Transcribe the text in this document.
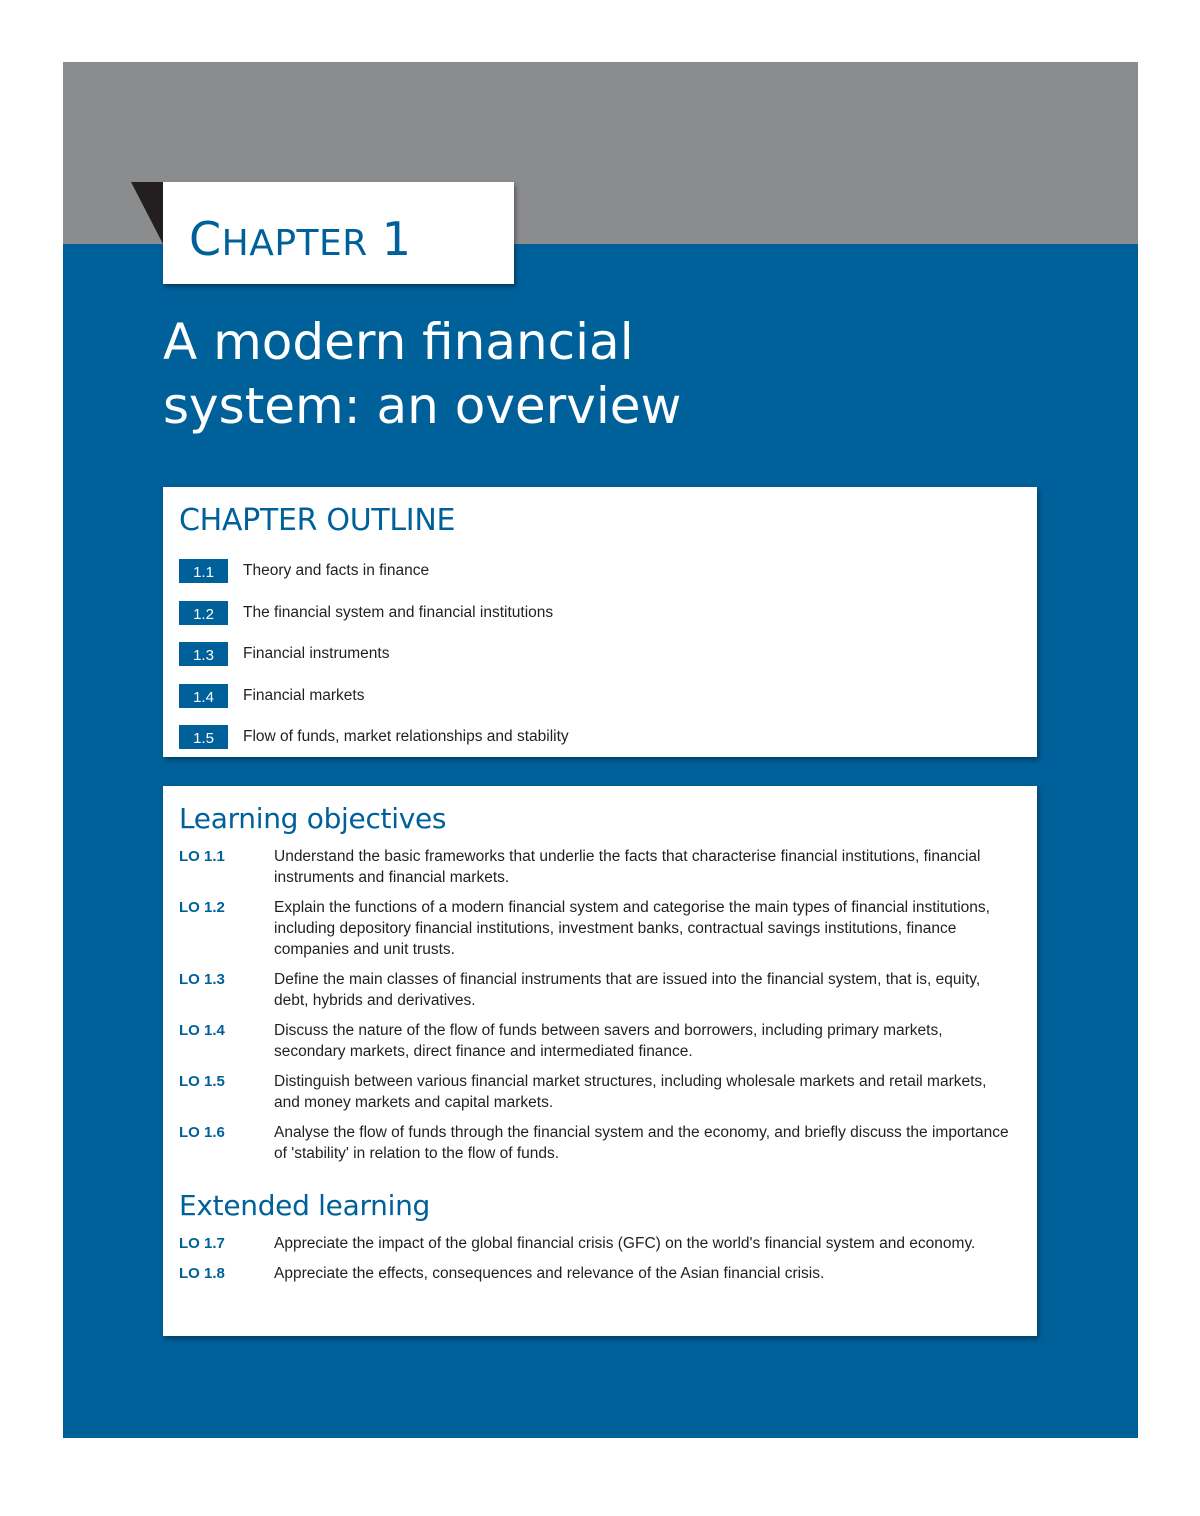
CHAPTER 1
A modern financial
system: an overview
CHAPTER OUTLINE
1.1	Theory and facts in finance
1.2	The financial system and financial institutions
1.3	Financial instruments
1.4	Financial markets
1.5	Flow of funds, market relationships and stability
Learning objectives
LO 1.1	Understand the basic frameworks that underlie the facts that characterise financial institutions, financial instruments and financial markets.
LO 1.2	Explain the functions of a modern financial system and categorise the main types of financial institutions, including depository financial institutions, investment banks, contractual savings institutions, finance companies and unit trusts.
LO 1.3	Define the main classes of financial instruments that are issued into the financial system, that is, equity, debt, hybrids and derivatives.
LO 1.4	Discuss the nature of the flow of funds between savers and borrowers, including primary markets, secondary markets, direct finance and intermediated finance.
LO 1.5	Distinguish between various financial market structures, including wholesale markets and retail markets, and money markets and capital markets.
LO 1.6	Analyse the flow of funds through the financial system and the economy, and briefly discuss the importance of 'stability' in relation to the flow of funds.
Extended learning
LO 1.7	Appreciate the impact of the global financial crisis (GFC) on the world's financial system and economy.
LO 1.8	Appreciate the effects, consequences and relevance of the Asian financial crisis.
